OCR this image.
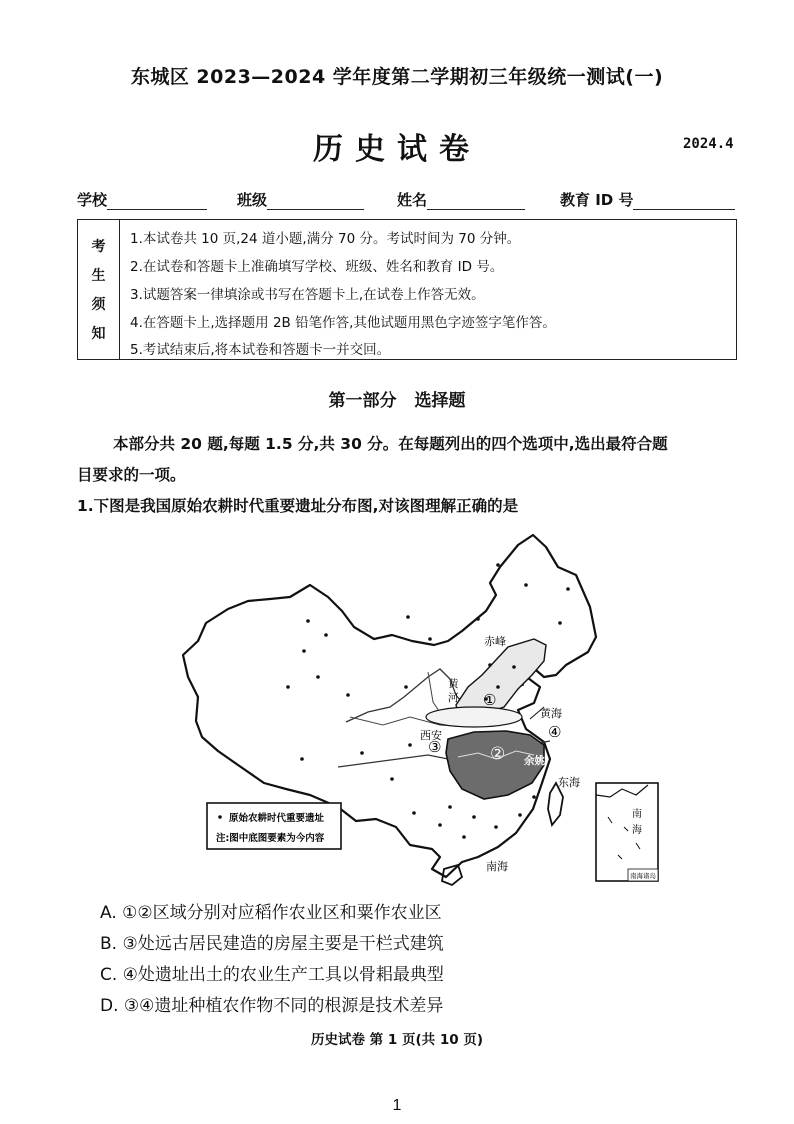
东城区 2023—2024 学年度第二学期初三年级统一测试(一)
历史试卷	2024.4
学校	班级	姓名	教育 ID 号
考
生
须
知
1.本试卷共 10 页,24 道小题,满分 70 分。考试时间为 70 分钟。
2.在试卷和答题卡上准确填写学校、班级、姓名和教育 ID 号。
3.试题答案一律填涂或书写在答题卡上,在试卷上作答无效。
4.在答题卡上,选择题用 2B 铅笔作答,其他试题用黑色字迹签字笔作答。
5.考试结束后,将本试卷和答题卡一并交回。
第一部分 选择题
本部分共 20 题,每题 1.5 分,共 30 分。在每题列出的四个选项中,选出最符合题
目要求的一项。
1.下图是我国原始农耕时代重要遗址分布图,对该图理解正确的是
原始农耕时代重要遗址
注:图中底图要素为今内容
南
海
南海诸岛
赤峰
黄
河
西安
黄海
东海
南海
余姚
①
②
③
④
A. ①②区域分别对应稻作农业区和粟作农业区
B. ③处远古居民建造的房屋主要是干栏式建筑
C. ④处遗址出土的农业生产工具以骨耜最典型
D. ③④遗址种植农作物不同的根源是技术差异
历史试卷 第 1 页(共 10 页)
1
